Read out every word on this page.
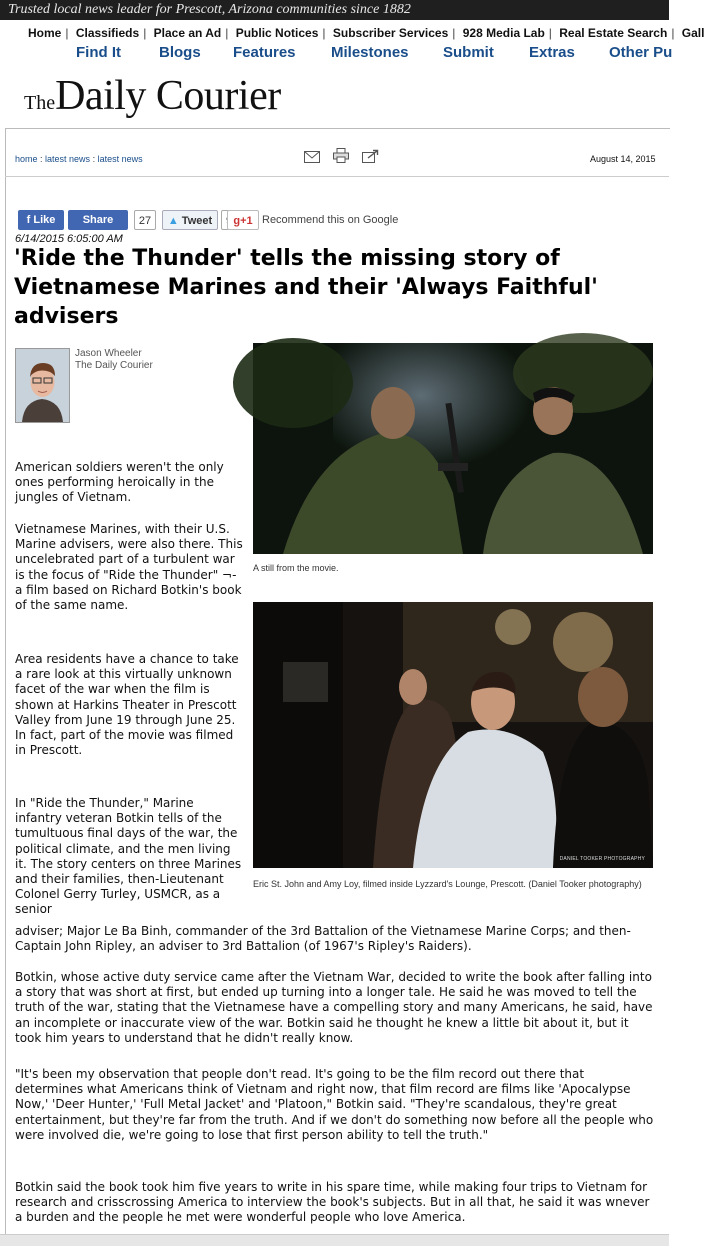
Trusted local news leader for Prescott, Arizona communities since 1882
Home | Classifieds | Place an Ad | Public Notices | Subscriber Services | 928 Media Lab | Real Estate Search | Gall
Find It	Blogs Features Milestones Submit Extras Other Pu
TheDaily Courier
home : latest news : latest news
	August 14, 2015
f Like	Share	27	▲ Tweet	g+1 Recommend this on Google
6/14/2015 6:05:00 AM
'Ride the Thunder' tells the missing story of Vietnamese Marines and their 'Always Faithful' advisers
Jason Wheeler
The Daily Courier
A still from the movie.
DANIEL TOOKER PHOTOGRAPHY
Eric St. John and Amy Loy, filmed inside Lyzzard's Lounge, Prescott. (Daniel Tooker photography)

American soldiers weren't the only ones performing heroically in the jungles of Vietnam.

Vietnamese Marines, with their U.S. Marine advisers, were also there. This uncelebrated part of a turbulent war is the focus of "Ride the Thunder" ¬- a film based on Richard Botkin's book of the same name.

Area residents have a chance to take a rare look at this virtually unknown facet of the war when the film is shown at Harkins Theater in Prescott Valley from June 19 through June 25. In fact, part of the movie was filmed in Prescott.

In "Ride the Thunder," Marine infantry veteran Botkin tells of the tumultuous final days of the war, the political climate, and the men living it. The story centers on three Marines and their families, then-Lieutenant Colonel Gerry Turley, USMCR, as a senior

adviser; Major Le Ba Binh, commander of the 3rd Battalion of the Vietnamese Marine Corps; and then-Captain John Ripley, an adviser to 3rd Battalion (of 1967's Ripley's Raiders).

Botkin, whose active duty service came after the Vietnam War, decided to write the book after falling into a story that was short at first, but ended up turning into a longer tale. He said he was moved to tell the truth of the war, stating that the Vietnamese have a compelling story and many Americans, he said, have an incomplete or inaccurate view of the war. Botkin said he thought he knew a little bit about it, but it took him years to understand that he didn't really know.

"It's been my observation that people don't read. It's going to be the film record out there that determines what Americans think of Vietnam and right now, that film record are films like 'Apocalypse Now,' 'Deer Hunter,' 'Full Metal Jacket' and 'Platoon," Botkin said. "They're scandalous, they're great entertainment, but they're far from the truth. And if we don't do something now before all the people who were involved die, we're going to lose that first person ability to tell the truth."

Botkin said the book took him five years to write in his spare time, while making four trips to Vietnam for research and crisscrossing America to interview the book's subjects. But in all that, he said it was wnever a burden and the people he met were wonderful people who love America.
